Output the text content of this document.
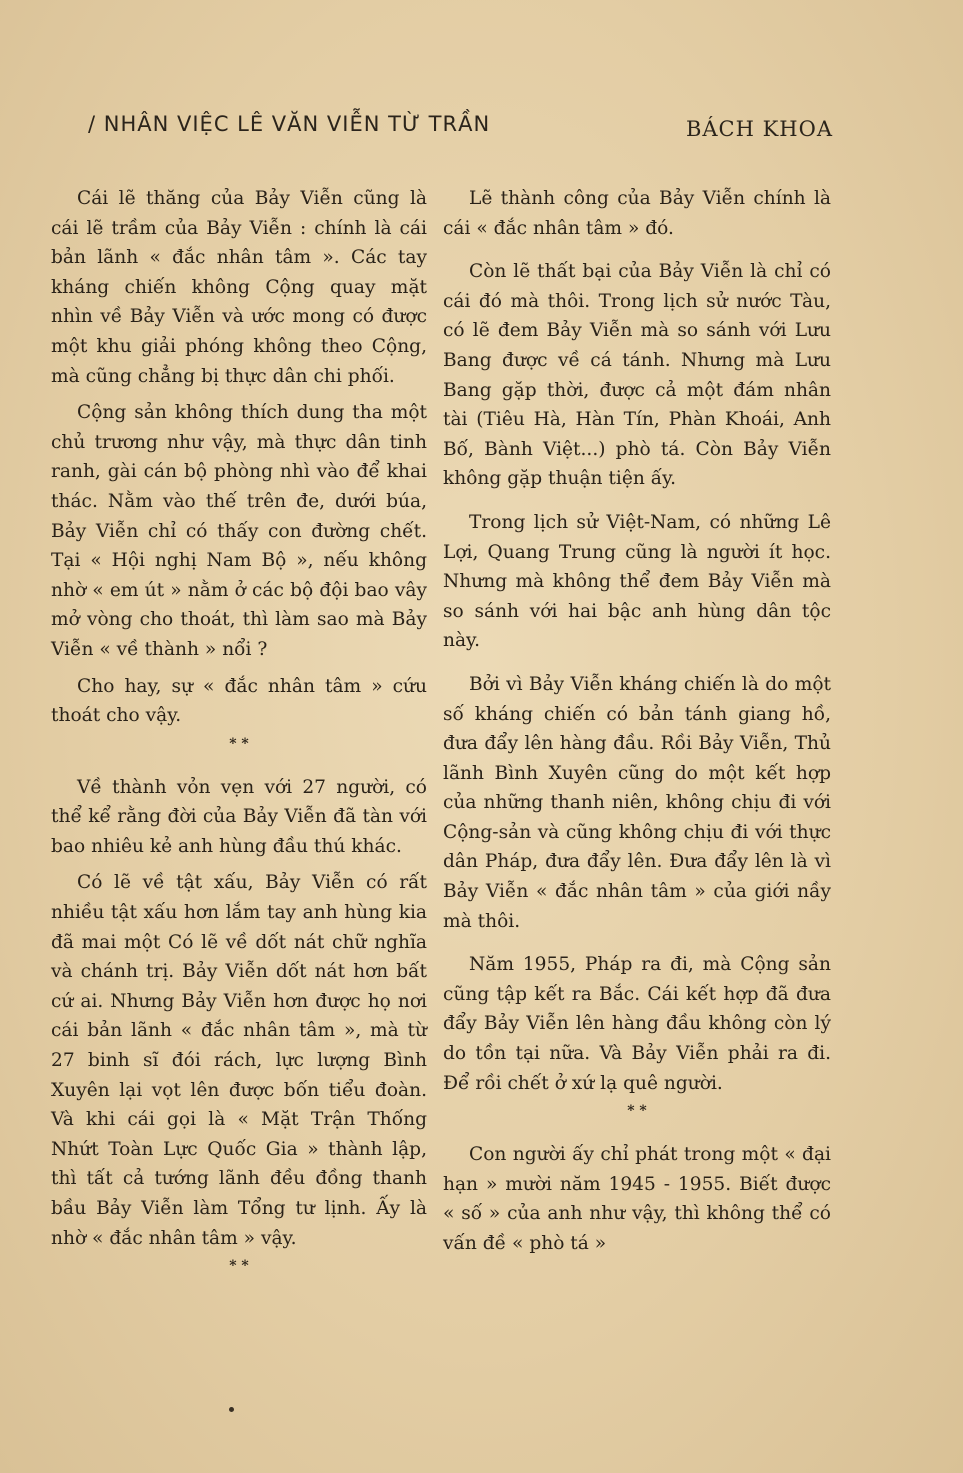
/ NHÂN VIỆC LÊ VĂN VIỄN TỪ TRẦN	BÁCH KHOA

Cái lẽ thăng của Bảy Viễn cũng là cái lẽ trầm của Bảy Viễn : chính là cái bản lãnh « đắc nhân tâm ». Các tay kháng chiến không Cộng quay mặt nhìn về Bảy Viễn và ước mong có được một khu giải phóng không theo Cộng, mà cũng chẳng bị thực dân chi phối.

Cộng sản không thích dung tha một chủ trương như vậy, mà thực dân tinh ranh, gài cán bộ phòng nhì vào để khai thác. Nằm vào thế trên đe, dưới búa, Bảy Viễn chỉ có thấy con đường chết. Tại « Hội nghị Nam Bộ », nếu không nhờ « em út » nằm ở các bộ đội bao vây mở vòng cho thoát, thì làm sao mà Bảy Viễn « về thành » nổi ?

Cho hay, sự « đắc nhân tâm » cứu thoát cho vậy.

* *

Về thành vỏn vẹn với 27 người, có thể kể rằng đời của Bảy Viễn đã tàn với bao nhiêu kẻ anh hùng đầu thú khác.

Có lẽ về tật xấu, Bảy Viễn có rất nhiều tật xấu hơn lắm tay anh hùng kia đã mai một Có lẽ về dốt nát chữ nghĩa và chánh trị. Bảy Viễn dốt nát hơn bất cứ ai. Nhưng Bảy Viễn hơn được họ nơi cái bản lãnh « đắc nhân tâm », mà từ 27 binh sĩ đói rách, lực lượng Bình Xuyên lại vọt lên được bốn tiểu đoàn. Và khi cái gọi là « Mặt Trận Thống Nhứt Toàn Lực Quốc Gia » thành lập, thì tất cả tướng lãnh đều đồng thanh bầu Bảy Viễn làm Tổng tư lịnh. Ấy là nhờ « đắc nhân tâm » vậy.

* *

Lẽ thành công của Bảy Viễn chính là cái « đắc nhân tâm » đó.

Còn lẽ thất bại của Bảy Viễn là chỉ có cái đó mà thôi. Trong lịch sử nước Tàu, có lẽ đem Bảy Viễn mà so sánh với Lưu Bang được về cá tánh. Nhưng mà Lưu Bang gặp thời, được cả một đám nhân tài (Tiêu Hà, Hàn Tín, Phàn Khoái, Anh Bố, Bành Việt...) phò tá. Còn Bảy Viễn không gặp thuận tiện ấy.

Trong lịch sử Việt-Nam, có những Lê Lợi, Quang Trung cũng là người ít học. Nhưng mà không thể đem Bảy Viễn mà so sánh với hai bậc anh hùng dân tộc này.

Bởi vì Bảy Viễn kháng chiến là do một số kháng chiến có bản tánh giang hồ, đưa đẩy lên hàng đầu. Rồi Bảy Viễn, Thủ lãnh Bình Xuyên cũng do một kết hợp của những thanh niên, không chịu đi với Cộng-sản và cũng không chịu đi với thực dân Pháp, đưa đẩy lên. Đưa đẩy lên là vì Bảy Viễn « đắc nhân tâm » của giới nầy mà thôi.

Năm 1955, Pháp ra đi, mà Cộng sản cũng tập kết ra Bắc. Cái kết hợp đã đưa đẩy Bảy Viễn lên hàng đầu không còn lý do tồn tại nữa. Và Bảy Viễn phải ra đi. Để rồi chết ở xứ lạ quê người.

* *

Con người ấy chỉ phát trong một « đại hạn » mười năm 1945 - 1955. Biết được « số » của anh như vậy, thì không thể có vấn đề « phò tá »
